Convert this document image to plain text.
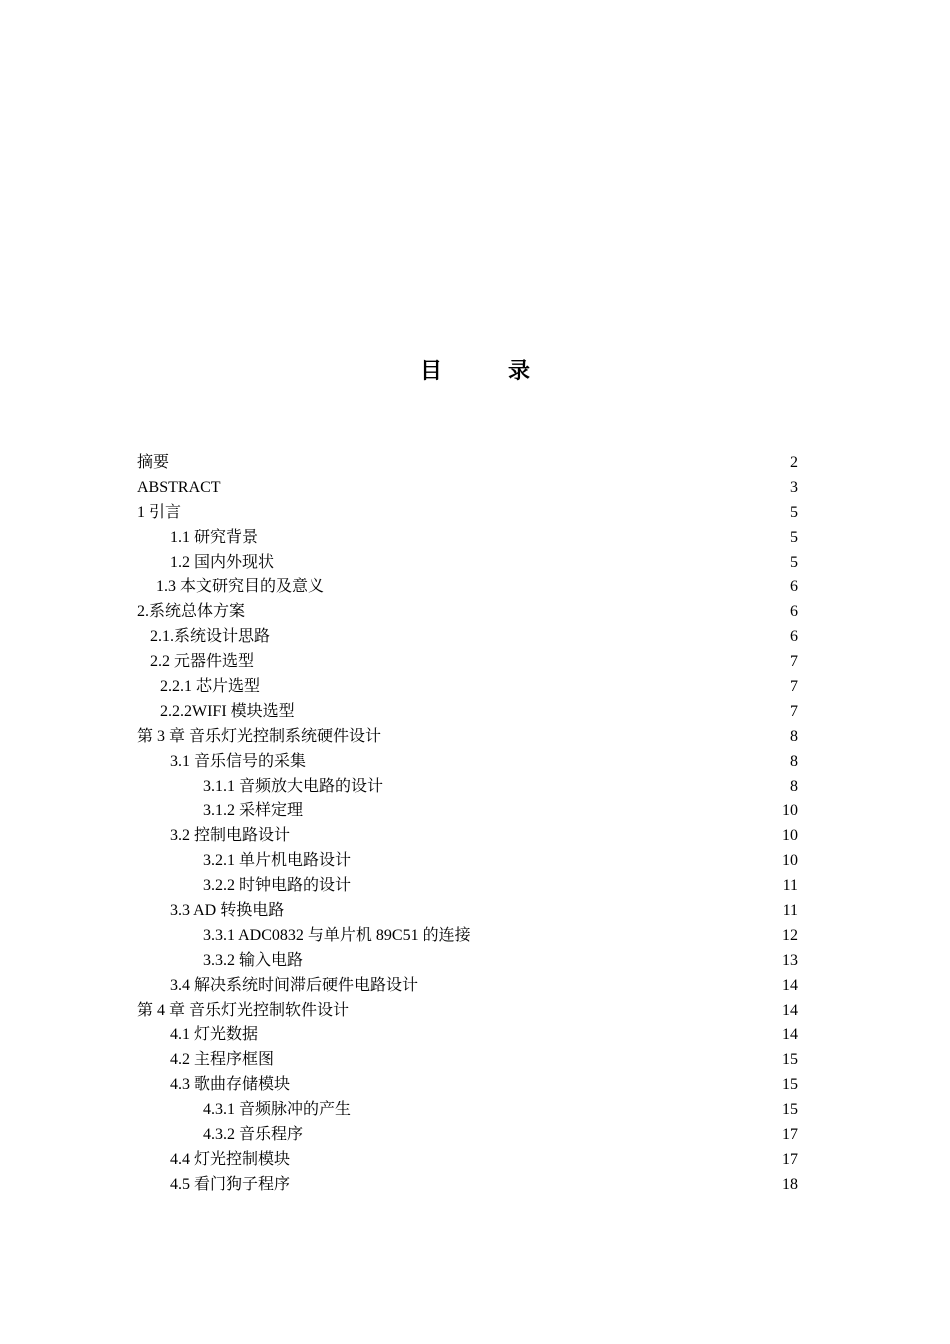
目　录
摘要	2
ABSTRACT	3
1 引言	5
1.1 研究背景	5
1.2 国内外现状	5
1.3 本文研究目的及意义	6
2.系统总体方案	6
2.1.系统设计思路	6
2.2 元器件选型	7
2.2.1 芯片选型	7
2.2.2WIFI 模块选型	7
第 3 章 音乐灯光控制系统硬件设计	8
3.1 音乐信号的采集	8
3.1.1 音频放大电路的设计	8
3.1.2 采样定理	10
3.2 控制电路设计	10
3.2.1 单片机电路设计	10
3.2.2 时钟电路的设计	11
3.3 AD 转换电路	11
3.3.1 ADC0832 与单片机 89C51 的连接	12
3.3.2 输入电路	13
3.4 解决系统时间滞后硬件电路设计	14
第 4 章 音乐灯光控制软件设计	14
4.1 灯光数据	14
4.2 主程序框图	15
4.3 歌曲存储模块	15
4.3.1 音频脉冲的产生	15
4.3.2 音乐程序	17
4.4 灯光控制模块	17
4.5 看门狗子程序	18
